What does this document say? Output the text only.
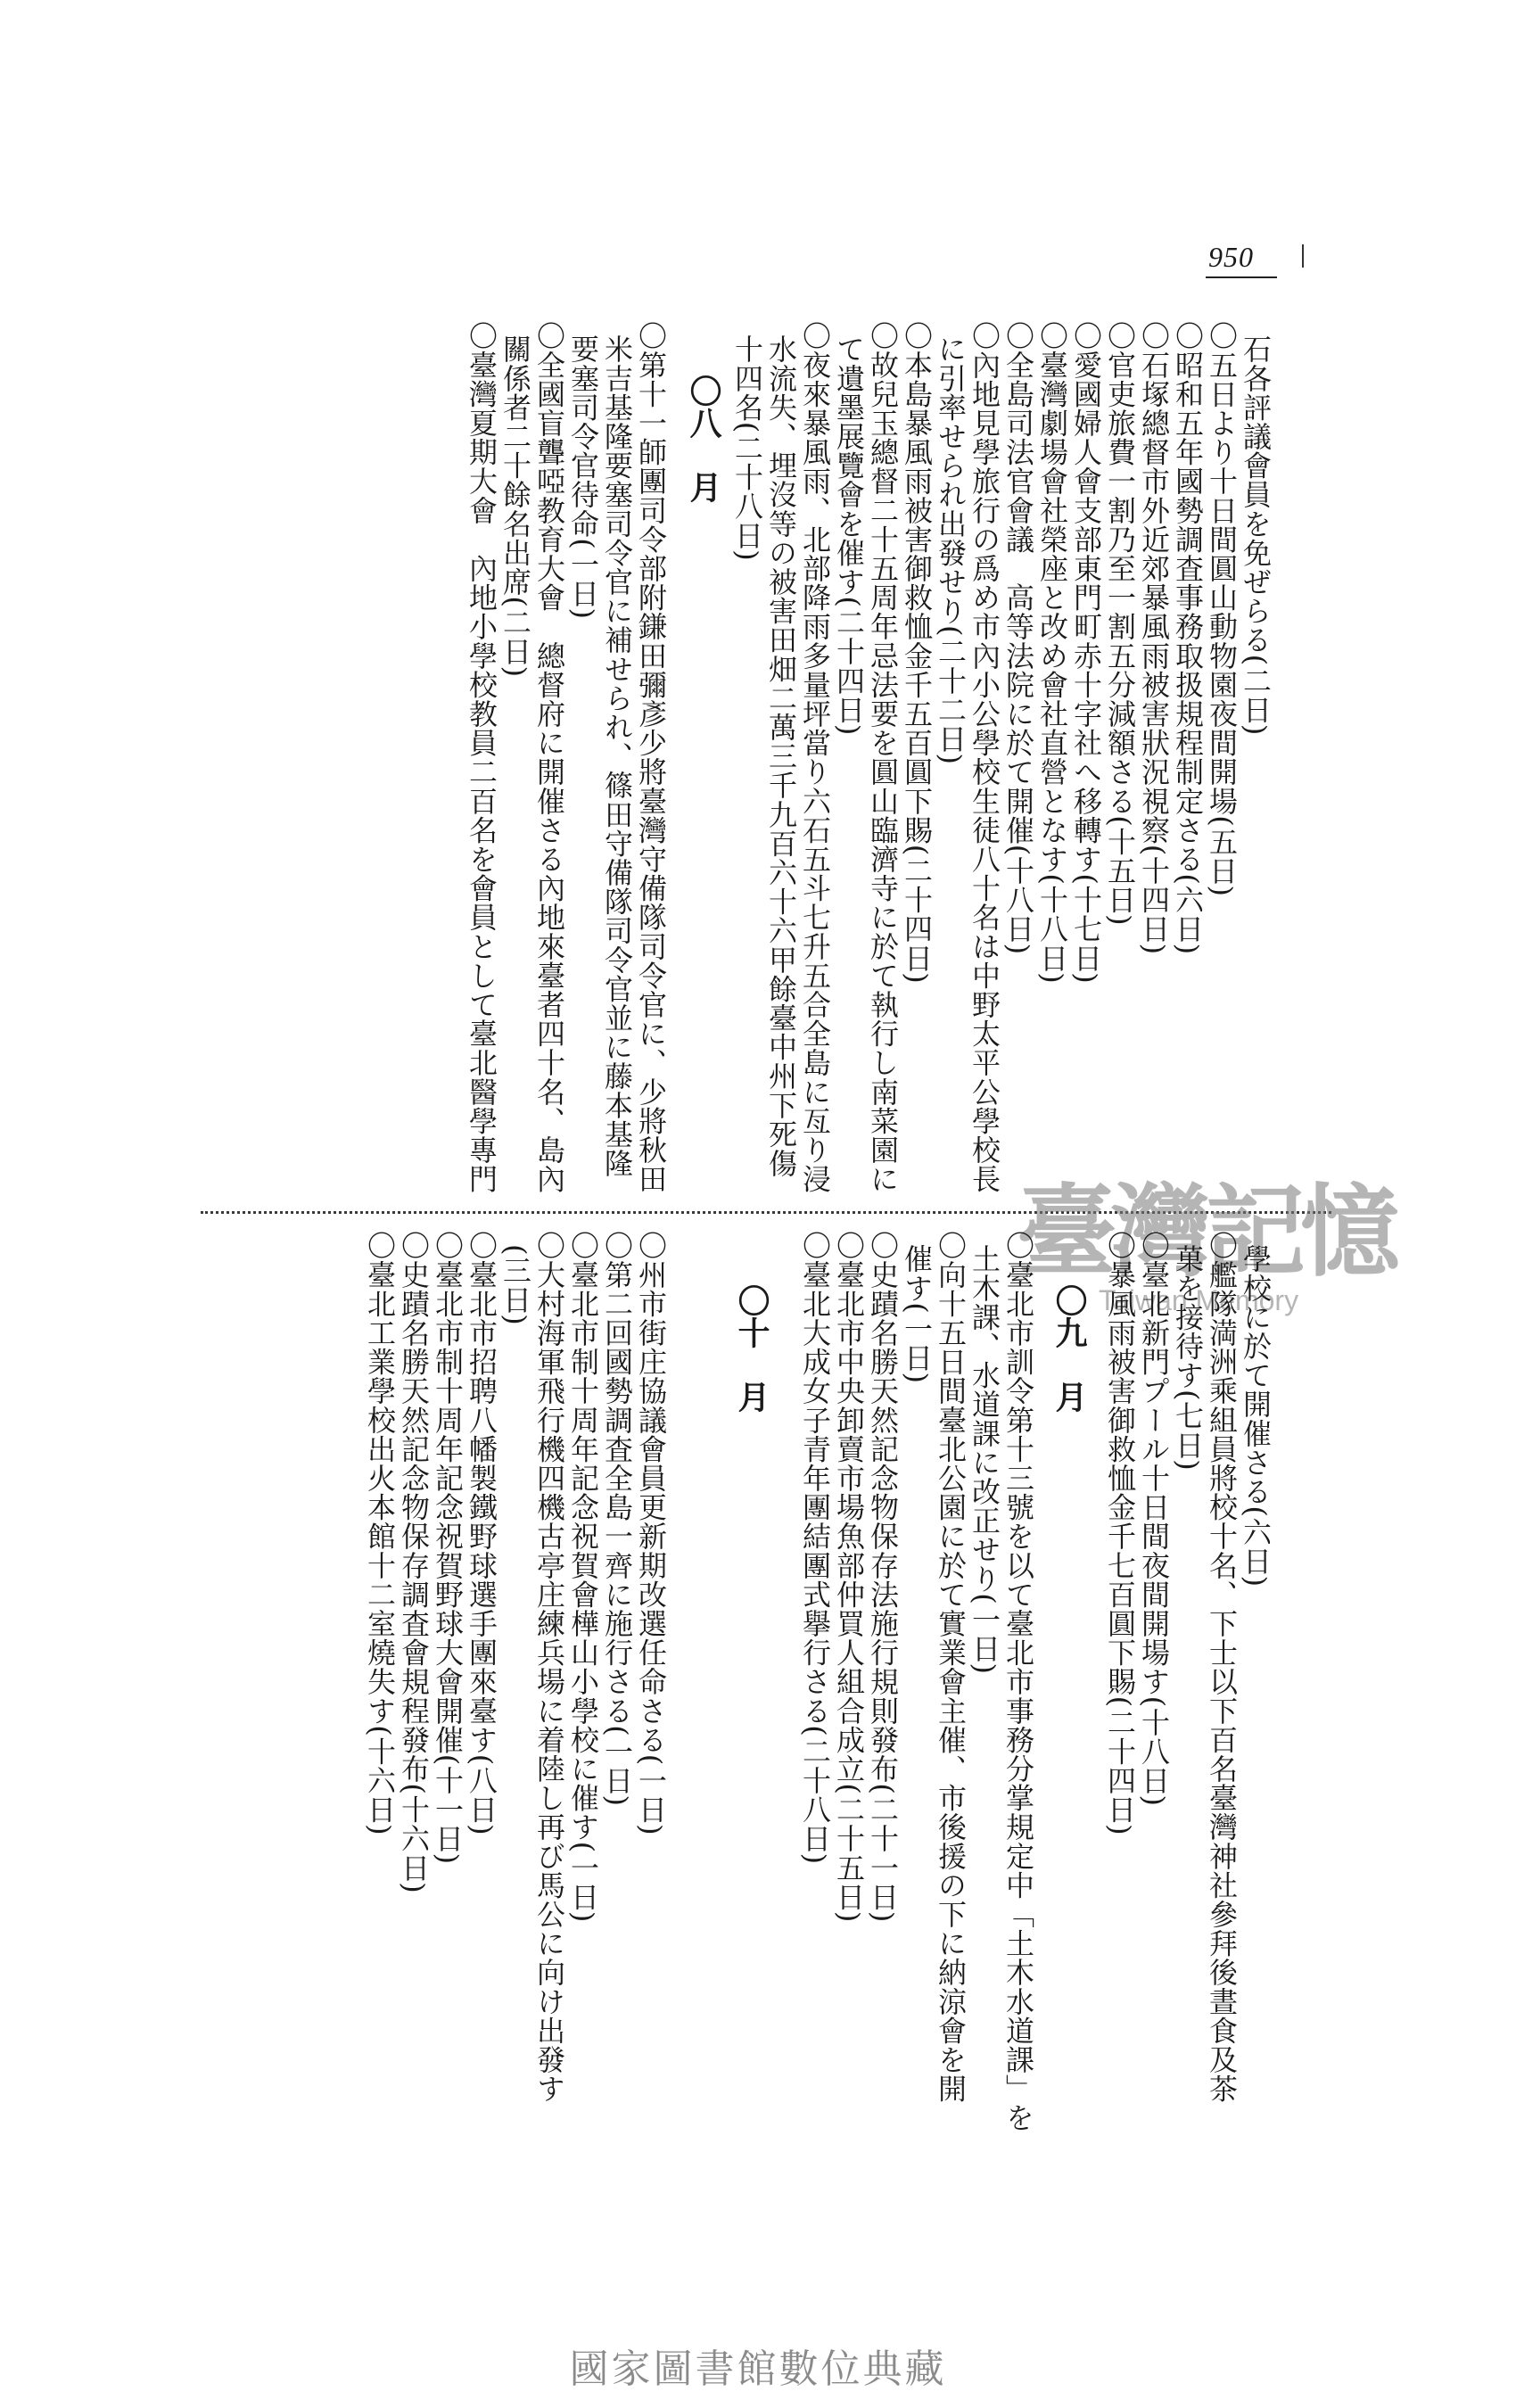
950
石各評議會員を免ぜらる(二日)
〇五日より十日間圓山動物園夜間開場(五日)
〇昭和五年國勢調査事務取扱規程制定さる(六日)
〇石塚總督市外近郊暴風雨被害狀況視察(十四日)
〇官吏旅費一割乃至一割五分減額さる(十五日)
〇愛國婦人會支部東門町赤十字社へ移轉す(十七日)
〇臺灣劇場會社榮座と改め會社直營となす(十八日)
〇全島司法官會議　高等法院に於て開催(十八日)
〇內地見學旅行の爲め市內小公學校生徒八十名は中野太平公學校長
に引率せられ出發せり(二十二日)
〇本島暴風雨被害御救恤金千五百圓下賜(二十四日)
〇故兒玉總督二十五周年忌法要を圓山臨濟寺に於て執行し南菜園に
て遺墨展覽會を催す(二十四日)
〇夜來暴風雨、北部降雨多量坪當り六石五斗七升五合全島に亙り浸
水流失、埋沒等の被害田畑二萬三千九百六十六甲餘臺中州下死傷
十四名(二十八日)
〇八　月
〇第十一師團司令部附鎌田彌彥少將臺灣守備隊司令官に、少將秋田
米吉基隆要塞司令官に補せられ、篠田守備隊司令官並に藤本基隆
要塞司令官待命(一日)
〇全國盲聾啞教育大會　總督府に開催さる內地來臺者四十名、島內
關係者二十餘名出席(二日)
〇臺灣夏期大會　內地小學校教員二百名を會員として臺北醫學專門
臺灣記憶
Taiwan Memory
學校に於て開催さる(六日)
〇艦隊満洲乘組員將校十名、下士以下百名臺灣神社參拜後晝食及茶
菓を接待す(七日)
〇臺北新門プール十日間夜間開場す(十八日)
〇暴風雨被害御救恤金千七百圓下賜(二十四日)
〇九　月
〇臺北市訓令第十三號を以て臺北市事務分掌規定中「土木水道課」を
土木課、水道課に改正せり(一日)
〇向十五日間臺北公園に於て實業會主催、市後援の下に納涼會を開
催す(一日)
〇史蹟名勝天然記念物保存法施行規則發布(二十一日)
〇臺北市中央卸賣市場魚部仲買人組合成立(二十五日)
〇臺北大成女子青年團結團式擧行さる(二十八日)
〇十　月
〇州市街庄協議會員更新期改選任命さる(一日)
〇第二回國勢調査全島一齊に施行さる(一日)
〇臺北市制十周年記念祝賀會樺山小學校に催す(一日)
〇大村海軍飛行機四機古亭庄練兵場に着陸し再び馬公に向け出發す
(三日)
〇臺北市招聘八幡製鐵野球選手團來臺す(八日)
〇臺北市制十周年記念祝賀野球大會開催(十一日)
〇史蹟名勝天然記念物保存調査會規程發布(十六日)
〇臺北工業學校出火本館十二室燒失す(十六日)
國家圖書館數位典藏
